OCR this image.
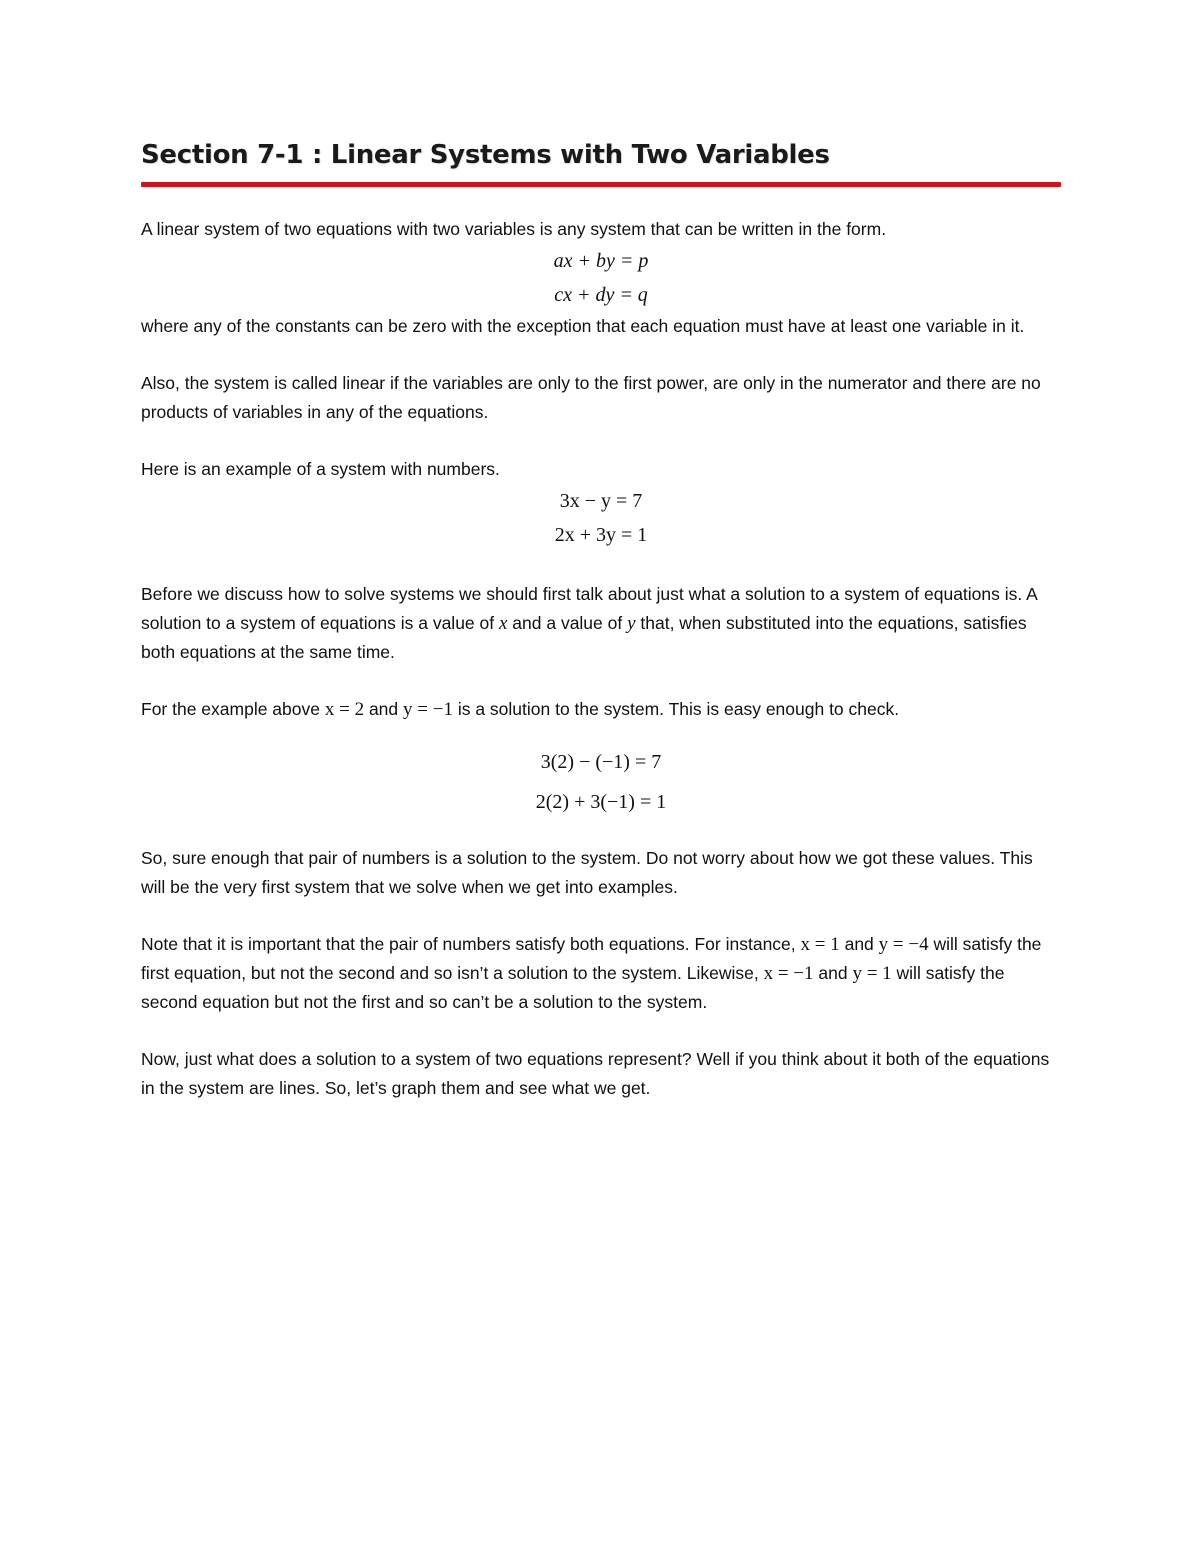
Section 7-1 : Linear Systems with Two Variables

A linear system of two equations with two variables is any system that can be written in the form.

ax + by = p
cx + dy = q

where any of the constants can be zero with the exception that each equation must have at least one variable in it.

Also, the system is called linear if the variables are only to the first power, are only in the numerator and there are no products of variables in any of the equations.

Here is an example of a system with numbers.

3x − y = 7
2x + 3y = 1

Before we discuss how to solve systems we should first talk about just what a solution to a system of equations is. A solution to a system of equations is a value of x and a value of y that, when substituted into the equations, satisfies both equations at the same time.

For the example above x = 2 and y = −1 is a solution to the system. This is easy enough to check.

3(2) − (−1) = 7
2(2) + 3(−1) = 1

So, sure enough that pair of numbers is a solution to the system. Do not worry about how we got these values. This will be the very first system that we solve when we get into examples.

Note that it is important that the pair of numbers satisfy both equations. For instance, x = 1 and y = −4 will satisfy the first equation, but not the second and so isn’t a solution to the system. Likewise, x = −1 and y = 1 will satisfy the second equation but not the first and so can’t be a solution to the system.

Now, just what does a solution to a system of two equations represent? Well if you think about it both of the equations in the system are lines. So, let’s graph them and see what we get.
